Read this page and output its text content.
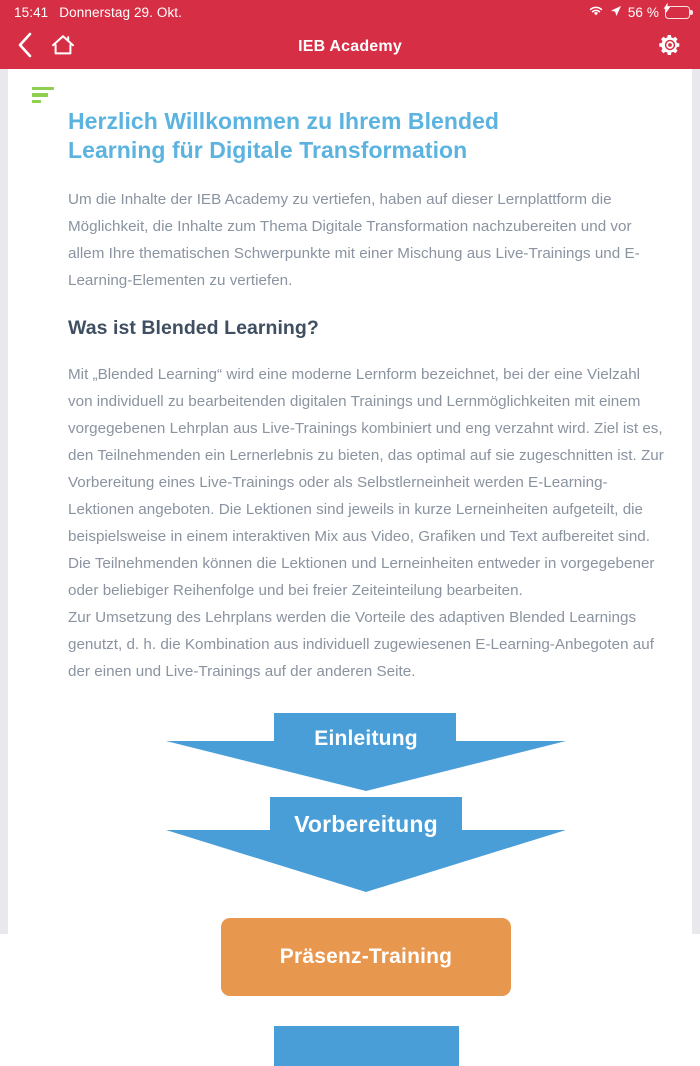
15:41 Donnerstag 29. Okt.	56 %
IEB Academy
Herzlich Willkommen zu Ihrem Blended Learning für Digitale Transformation

Um die Inhalte der IEB Academy zu vertiefen, haben auf dieser Lernplattform die Möglichkeit, die Inhalte zum Thema Digitale Transformation nachzubereiten und vor allem Ihre thematischen Schwerpunkte mit einer Mischung aus Live-Trainings und E-Learning-Elementen zu vertiefen.

Was ist Blended Learning?

Mit „Blended Learning“ wird eine moderne Lernform bezeichnet, bei der eine Vielzahl von individuell zu bearbeitenden digitalen Trainings und Lernmöglichkeiten mit einem vorgegebenen Lehrplan aus Live-Trainings kombiniert und eng verzahnt wird. Ziel ist es, den Teilnehmenden ein Lernerlebnis zu bieten, das optimal auf sie zugeschnitten ist. Zur Vorbereitung eines Live-Trainings oder als Selbstlerneinheit werden E-Learning-Lektionen angeboten. Die Lektionen sind jeweils in kurze Lerneinheiten aufgeteilt, die beispielsweise in einem interaktiven Mix aus Video, Grafiken und Text aufbereitet sind. Die Teilnehmenden können die Lektionen und Lerneinheiten entweder in vorgegebener oder beliebiger Reihenfolge und bei freier Zeiteinteilung bearbeiten.

Zur Umsetzung des Lehrplans werden die Vorteile des adaptiven Blended Learnings genutzt, d. h. die Kombination aus individuell zugewiesenen E-Learning-Anbegoten auf der einen und Live-Trainings auf der anderen Seite.

Einleitung
Vorbereitung
Präsenz-Training
